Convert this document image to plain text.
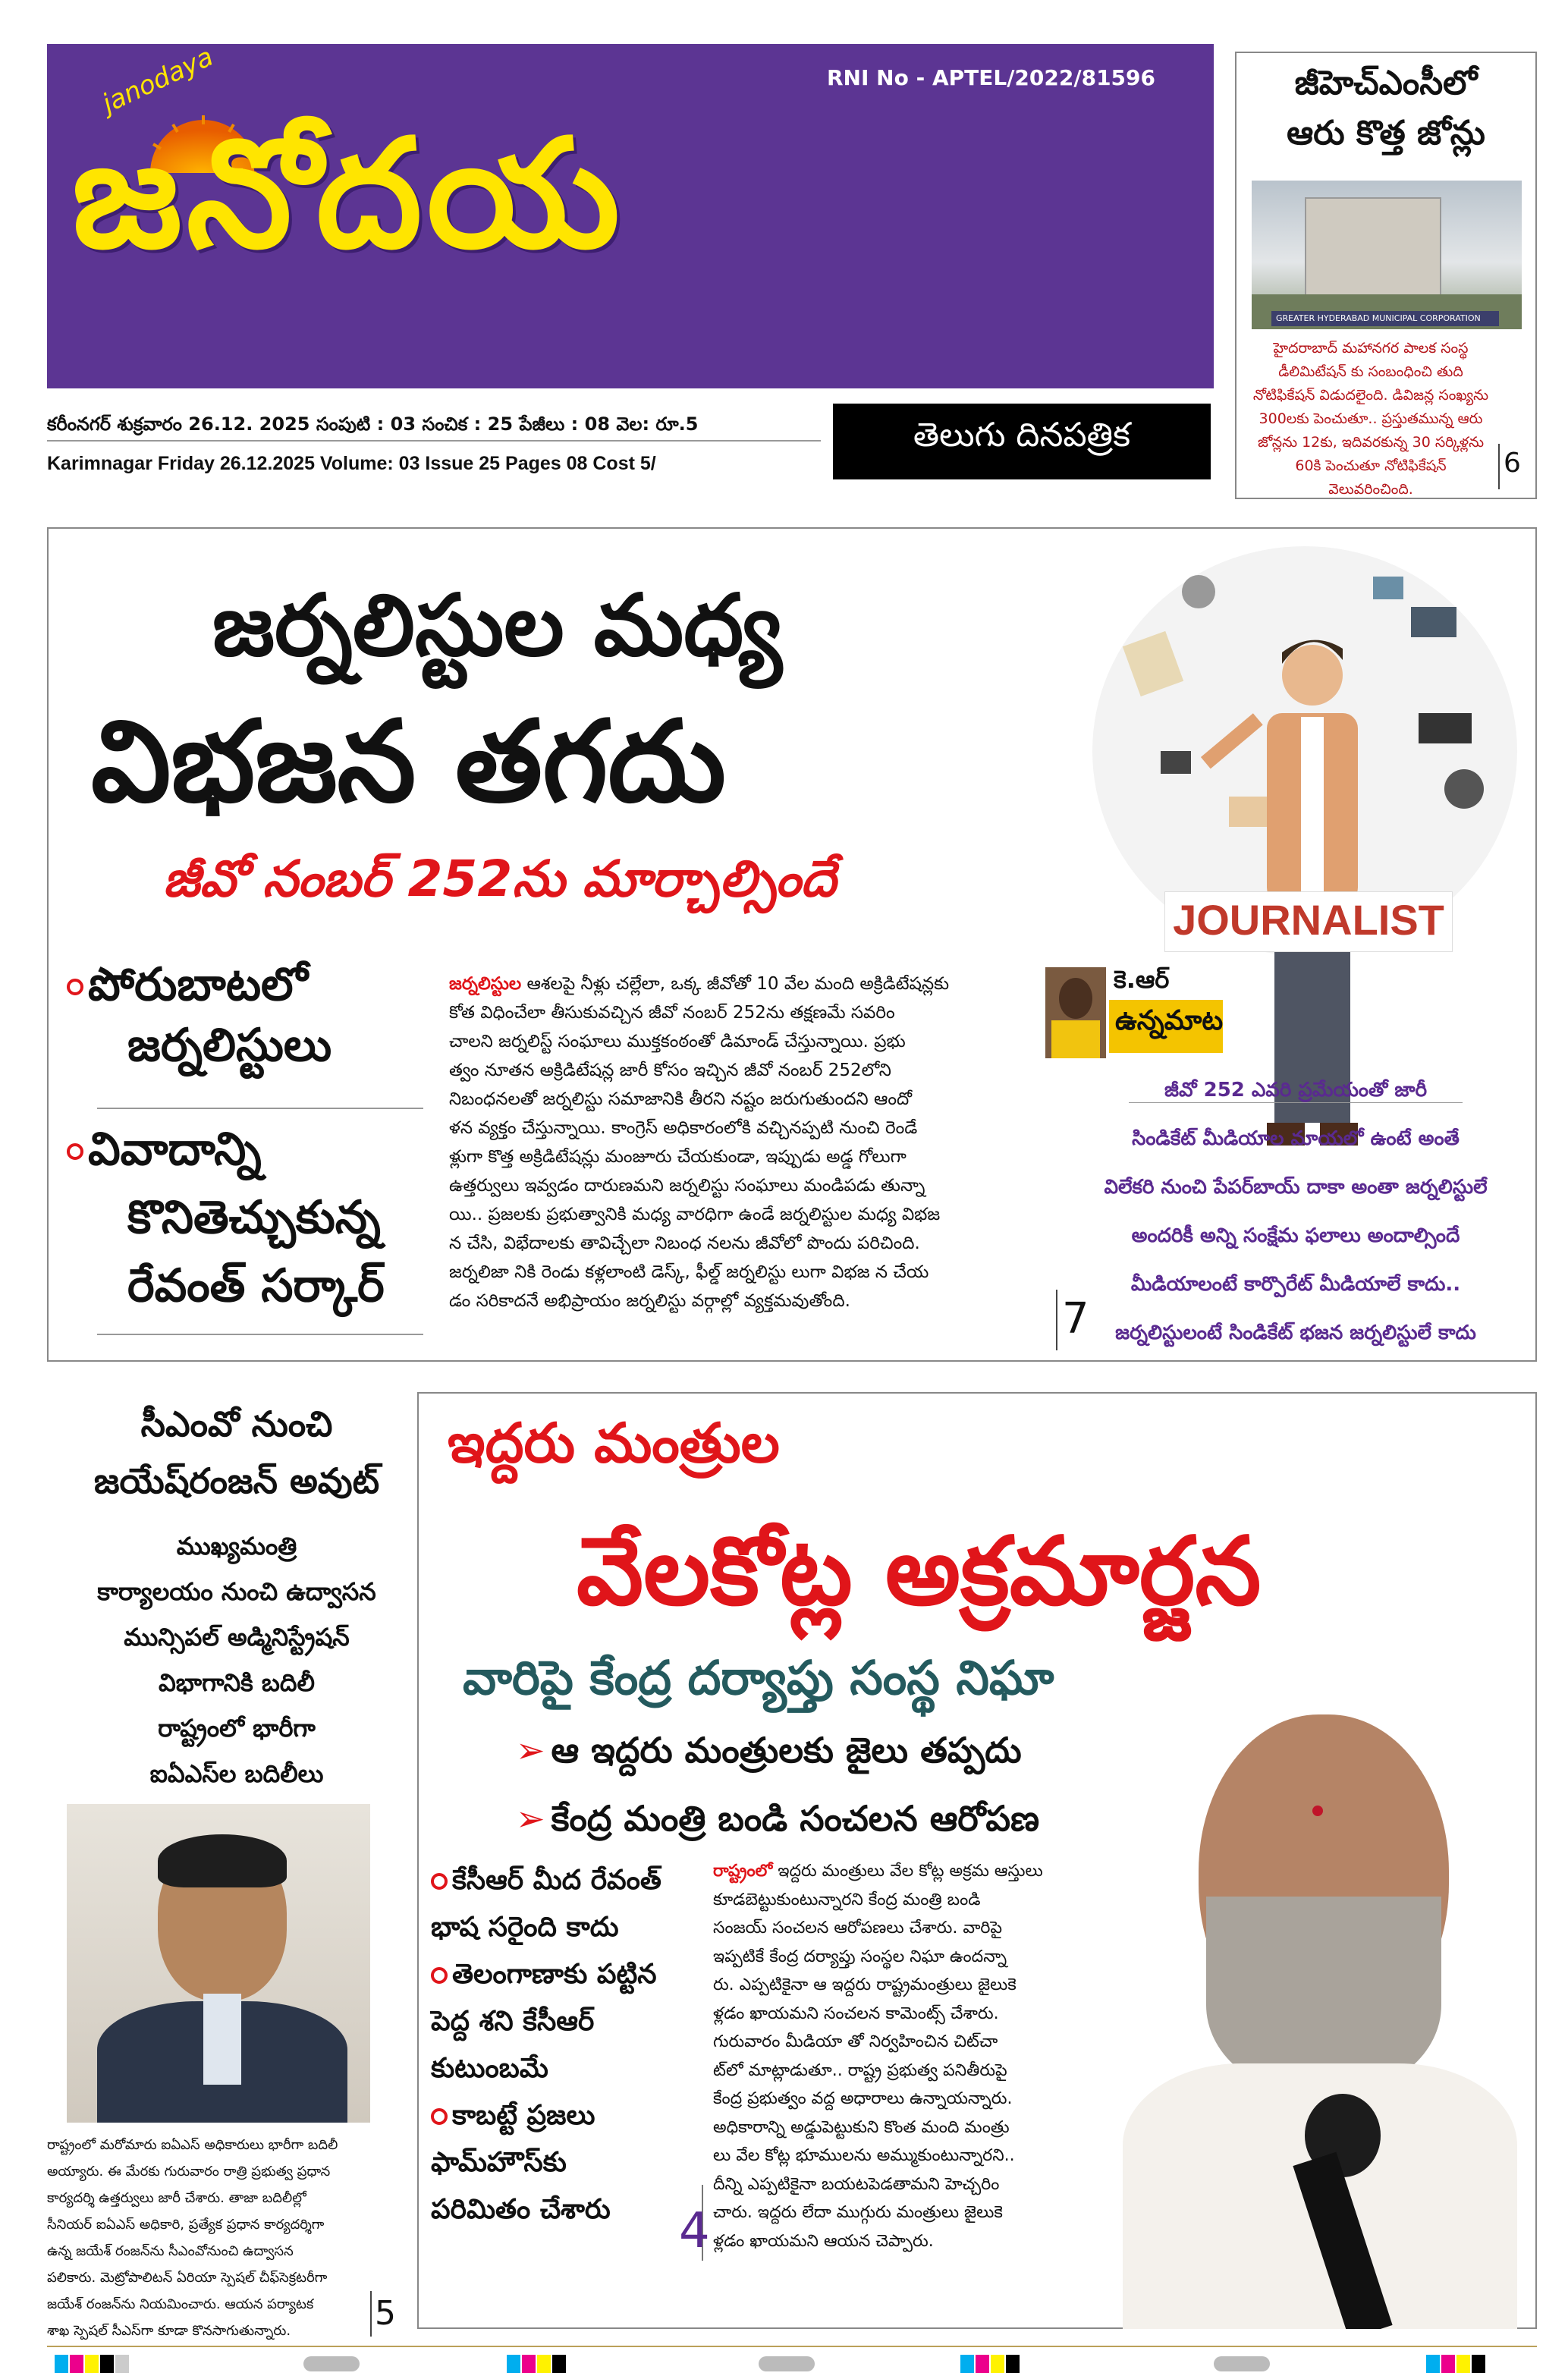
janodaya
జనోదయ
RNI No - APTEL/2022/81596
కరీంనగర్ శుక్రవారం 26.12. 2025 సంపుటి : 03 సంచిక : 25 పేజీలు : 08 వెల: రూ.5
Karimnagar Friday 26.12.2025 Volume: 03 Issue 25 Pages 08 Cost 5/
తెలుగు దినపత్రిక
జీహెచ్ఎంసీలో
ఆరు కొత్త జోన్లు
GREATER HYDERABAD MUNICIPAL CORPORATION
హైదరాబాద్ మహానగర పాలక సంస్థ
డీలిమిటేషన్ కు సంబంధించి తుది
నోటిఫికేషన్ విడుదలైంది. డివిజన్ల సంఖ్యను
300లకు పెంచుతూ.. ప్రస్తుతమున్న ఆరు
జోన్లను 12కు, ఇదివరకున్న 30 సర్కిళ్లను
60కి పెంచుతూ నోటిఫికేషన్
వెలువరించింది.
6
జర్నలిస్టుల మధ్య
విభజన తగదు
జీవో నంబర్ 252ను మార్చాల్సిందే
JOURNALIST
పోరుబాటలో
జర్నలిస్టులు
వివాదాన్ని
కొనితెచ్చుకున్న
రేవంత్ సర్కార్
జర్నలిస్టుల ఆశలపై నీళ్లు చల్లేలా, ఒక్క జీవోతో 10 వేల మంది అక్రిడిటేషన్లకు
కోత విధించేలా తీసుకువచ్చిన జీవో నంబర్ 252ను తక్షణమే సవరిం
చాలని జర్నలిస్ట్ సంఘాలు ముక్తకంఠంతో డిమాండ్ చేస్తున్నాయి. ప్రభు
త్వం నూతన అక్రిడిటేషన్ల జారీ కోసం ఇచ్చిన జీవో నంబర్ 252లోని
నిబంధనలతో జర్నలిస్టు సమాజానికి తీరని నష్టం జరుగుతుందని ఆందో
ళన వ్యక్తం చేస్తున్నాయి. కాంగ్రెస్ అధికారంలోకి వచ్చినప్పటి నుంచి రెండే
ళ్లుగా కొత్త అక్రిడిటేషన్లు మంజూరు చేయకుండా, ఇప్పుడు అడ్డ గోలుగా
ఉత్తర్వులు ఇవ్వడం దారుణమని జర్నలిస్టు సంఘాలు మండిపడు తున్నా
యి.. ప్రజలకు ప్రభుత్వానికి మధ్య వారధిగా ఉండే జర్నలిస్టుల మధ్య విభజ
న చేసి, విభేదాలకు తావిచ్చేలా నిబంధ నలను జీవోలో పొందు పరిచింది.
జర్నలిజా నికి రెండు కళ్లలాంటి డెస్క్, ఫీల్డ్ జర్నలిస్టు లుగా విభజ న చేయ
డం సరికాదనే అభిప్రాయం జర్నలిస్టు వర్గాల్లో వ్యక్తమవుతోంది.
కె.ఆర్
ఉన్నమాట
జీవో 252 ఎవరి ప్రమేయంతో జారీ
సిండికేట్ మీడియాల మాయలో ఉంటే అంతే
విలేకరి నుంచి పేపర్‌బాయ్ దాకా అంతా జర్నలిస్టులే
అందరికీ అన్ని సంక్షేమ ఫలాలు అందాల్సిందే
మీడియాలంటే కార్పొరేట్ మీడియాలే కాదు..
జర్నలిస్టులంటే సిండికేట్ భజన జర్నలిస్టులే కాదు
7
సీఎంవో నుంచి
జయేష్‌రంజన్ అవుట్
ముఖ్యమంత్రి
కార్యాలయం నుంచి ఉద్వాసన
మున్సిపల్ అడ్మినిస్ట్రేషన్
విభాగానికి బదిలీ
రాష్ట్రంలో భారీగా
ఐఏఎస్‌ల బదిలీలు
రాష్ట్రంలో మరోమారు ఐఏఎస్ అధికారులు భారీగా బదిలీ
అయ్యారు. ఈ మేరకు గురువారం రాత్రి ప్రభుత్వ ప్రధాన
కార్యదర్శి ఉత్తర్వులు జారీ చేశారు. తాజా బదిలీల్లో
సీనియర్ ఐఏఎస్ అధికారి, ప్రత్యేక ప్రధాన కార్యదర్శిగా
ఉన్న జయేశ్ రంజన్‌ను సీఎంవోనుంచి ఉద్వాసన
పలికారు. మెట్రోపాలిటన్ ఏరియా స్పెషల్ చీఫ్‌సెక్రటరీగా
జయేశ్ రంజన్‌ను నియమించారు. ఆయన పర్యాటక
శాఖ స్పెషల్ సీఎస్‌గా కూడా కొనసాగుతున్నారు.	5
ఇద్దరు మంత్రుల
వేలకోట్ల అక్రమార్జన
వారిపై కేంద్ర దర్యాప్తు సంస్థ నిఘా
➢ ఆ ఇద్దరు మంత్రులకు జైలు తప్పదు
➢ కేంద్ర మంత్రి బండి సంచలన ఆరోపణ
కేసీఆర్ మీద రేవంత్
భాష సరైంది కాదు
తెలంగాణాకు పట్టిన
పెద్ద శని కేసీఆర్
కుటుంబమే
కాబట్టే ప్రజలు
ఫామ్‌హౌస్‌కు
పరిమితం చేశారు
రాష్ట్రంలో ఇద్దరు మంత్రులు వేల కోట్ల అక్రమ ఆస్తులు
కూడబెట్టుకుంటున్నారని కేంద్ర మంత్రి బండి
సంజయ్ సంచలన ఆరోపణలు చేశారు. వారిపై
ఇప్పటికే కేంద్ర దర్యాప్తు సంస్థల నిఘా ఉందన్నా
రు. ఎప్పటికైనా ఆ ఇద్దరు రాష్ట్రమంత్రులు జైలుకె
ళ్లడం ఖాయమని సంచలన కామెంట్స్ చేశారు.
గురువారం మీడియా తో నిర్వహించిన చిట్‌చా
ట్‌లో మాట్లాడుతూ.. రాష్ట్ర ప్రభుత్వ పనితీరుపై
కేంద్ర ప్రభుత్వం వద్ద అధారాలు ఉన్నాయన్నారు.
అధికారాన్ని అడ్డుపెట్టుకుని కొంత మంది మంత్రు
లు వేల కోట్ల భూములను అమ్ముకుంటున్నారని..
దీన్ని ఎప్పటికైనా బయటపెడతామని హెచ్చరిం
చారు. ఇద్దరు లేదా ముగ్గురు మంత్రులు జైలుకె
ళ్లడం ఖాయమని ఆయన చెప్పారు.
4
